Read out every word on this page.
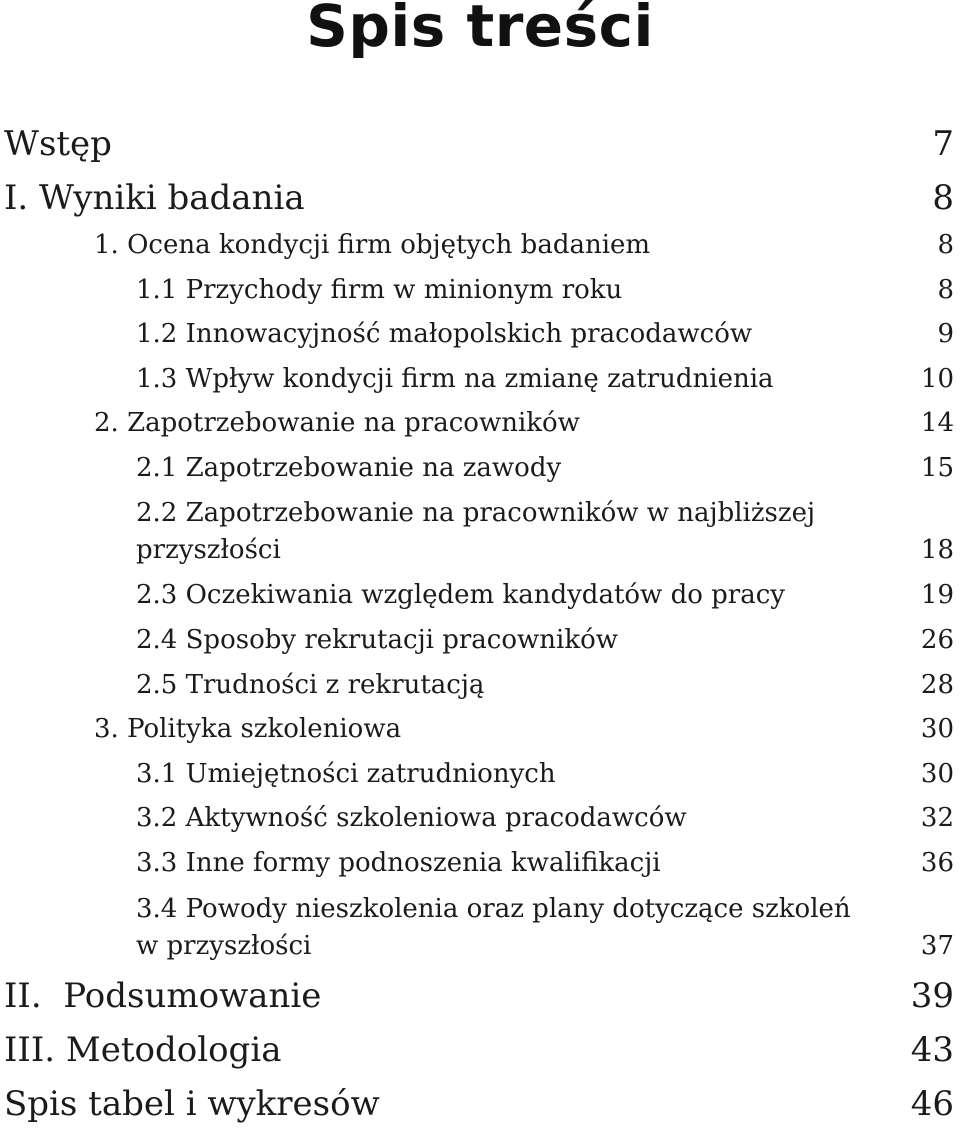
Spis treści
Wstęp	7
I. Wyniki badania	8
1. Ocena kondycji firm objętych badaniem	8
1.1 Przychody firm w minionym roku	8
1.2 Innowacyjność małopolskich pracodawców	9
1.3 Wpływ kondycji firm na zmianę zatrudnienia	10
2. Zapotrzebowanie na pracowników	14
2.1 Zapotrzebowanie na zawody	15
2.2 Zapotrzebowanie na pracowników w najbliższej
przyszłości	18
2.3 Oczekiwania względem kandydatów do pracy	19
2.4 Sposoby rekrutacji pracowników	26
2.5 Trudności z rekrutacją	28
3. Polityka szkoleniowa	30
3.1 Umiejętności zatrudnionych	30
3.2 Aktywność szkoleniowa pracodawców	32
3.3 Inne formy podnoszenia kwalifikacji	36
3.4 Powody nieszkolenia oraz plany dotyczące szkoleń
w przyszłości	37
II.  Podsumowanie	39
III. Metodologia	43
Spis tabel i wykresów	46
